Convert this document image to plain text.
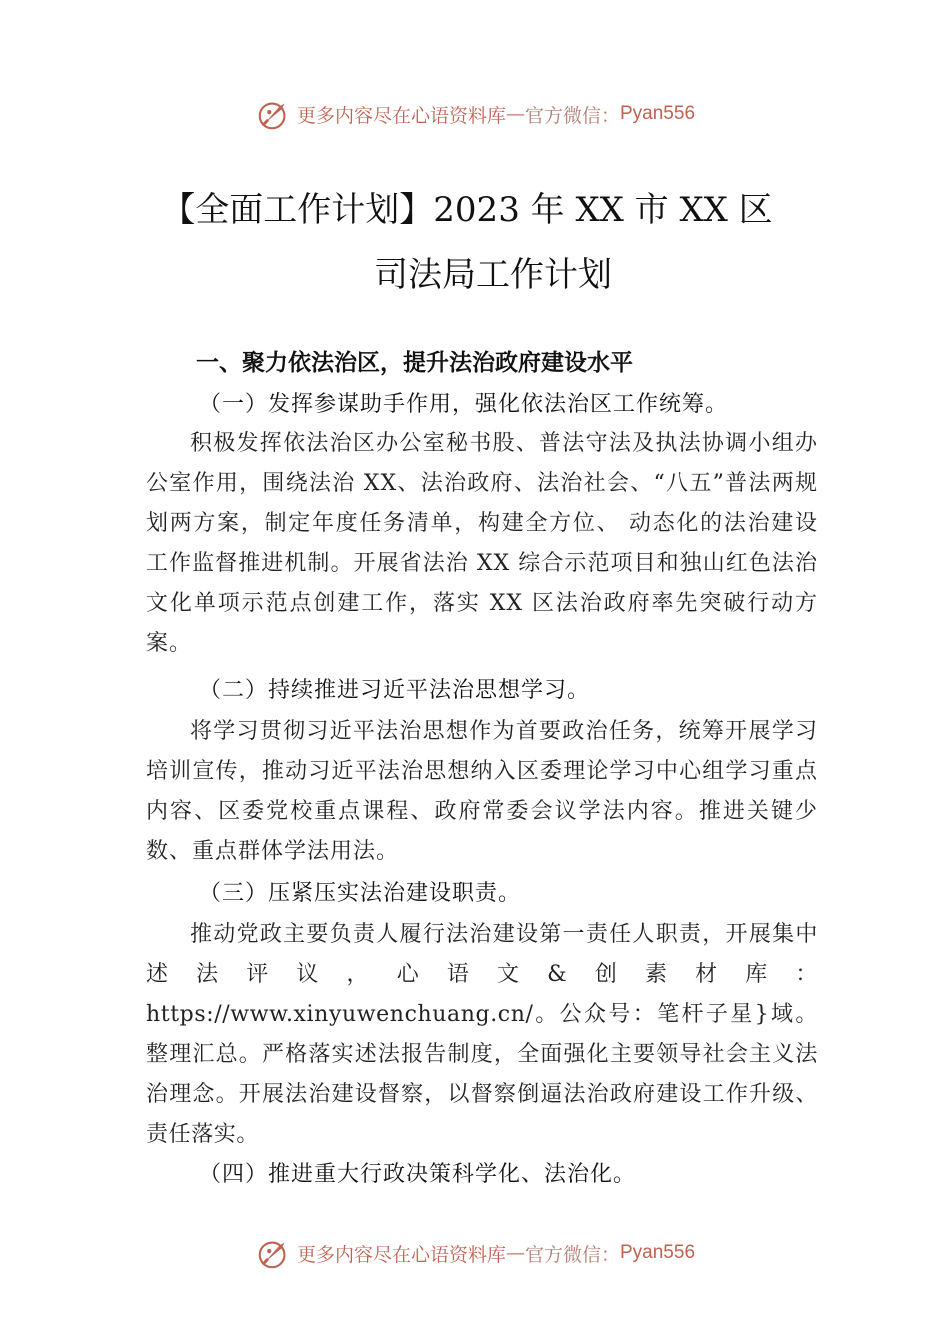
更多内容尽在心语资料库 — 官方微信： Pyan556
【全面工作计划】2023 年 XX 市 XX 区
司法局工作计划
一、聚力依法治区，提升法治政府建设水平
（一）发挥参谋助手作用，强化依法治区工作统筹。
积极发挥依法治区办公室秘书股、普法守法及执法协调小组办公室作用，围绕法治 XX、法治政府、法治社会、“八五”普法两规划两方案，制定年度任务清单，构建全方位、 动态化的法治建设工作监督推进机制。开展省法治 XX 综合示范项目和独山红色法治文化单项示范点创建工作，落实 XX 区法治政府率先突破行动方案。
（二）持续推进习近平法治思想学习。
将学习贯彻习近平法治思想作为首要政治任务，统筹开展学习培训宣传，推动习近平法治思想纳入区委理论学习中心组学习重点内容、区委党校重点课程、政府常委会议学法内容。推进关键少数、重点群体学法用法。
（三）压紧压实法治建设职责。
推动党政主要负责人履行法治建设第一责任人职责，开展集中述法评议，心语文&创素材库：https://www.xinyuwenchuang.cn/。公众号：笔杆子星}域。整理汇总。严格落实述法报告制度，全面强化主要领导社会主义法治理念。开展法治建设督察，以督察倒逼法治政府建设工作升级、责任落实。
（四）推进重大行政决策科学化、法治化。
更多内容尽在心语资料库 — 官方微信： Pyan556
